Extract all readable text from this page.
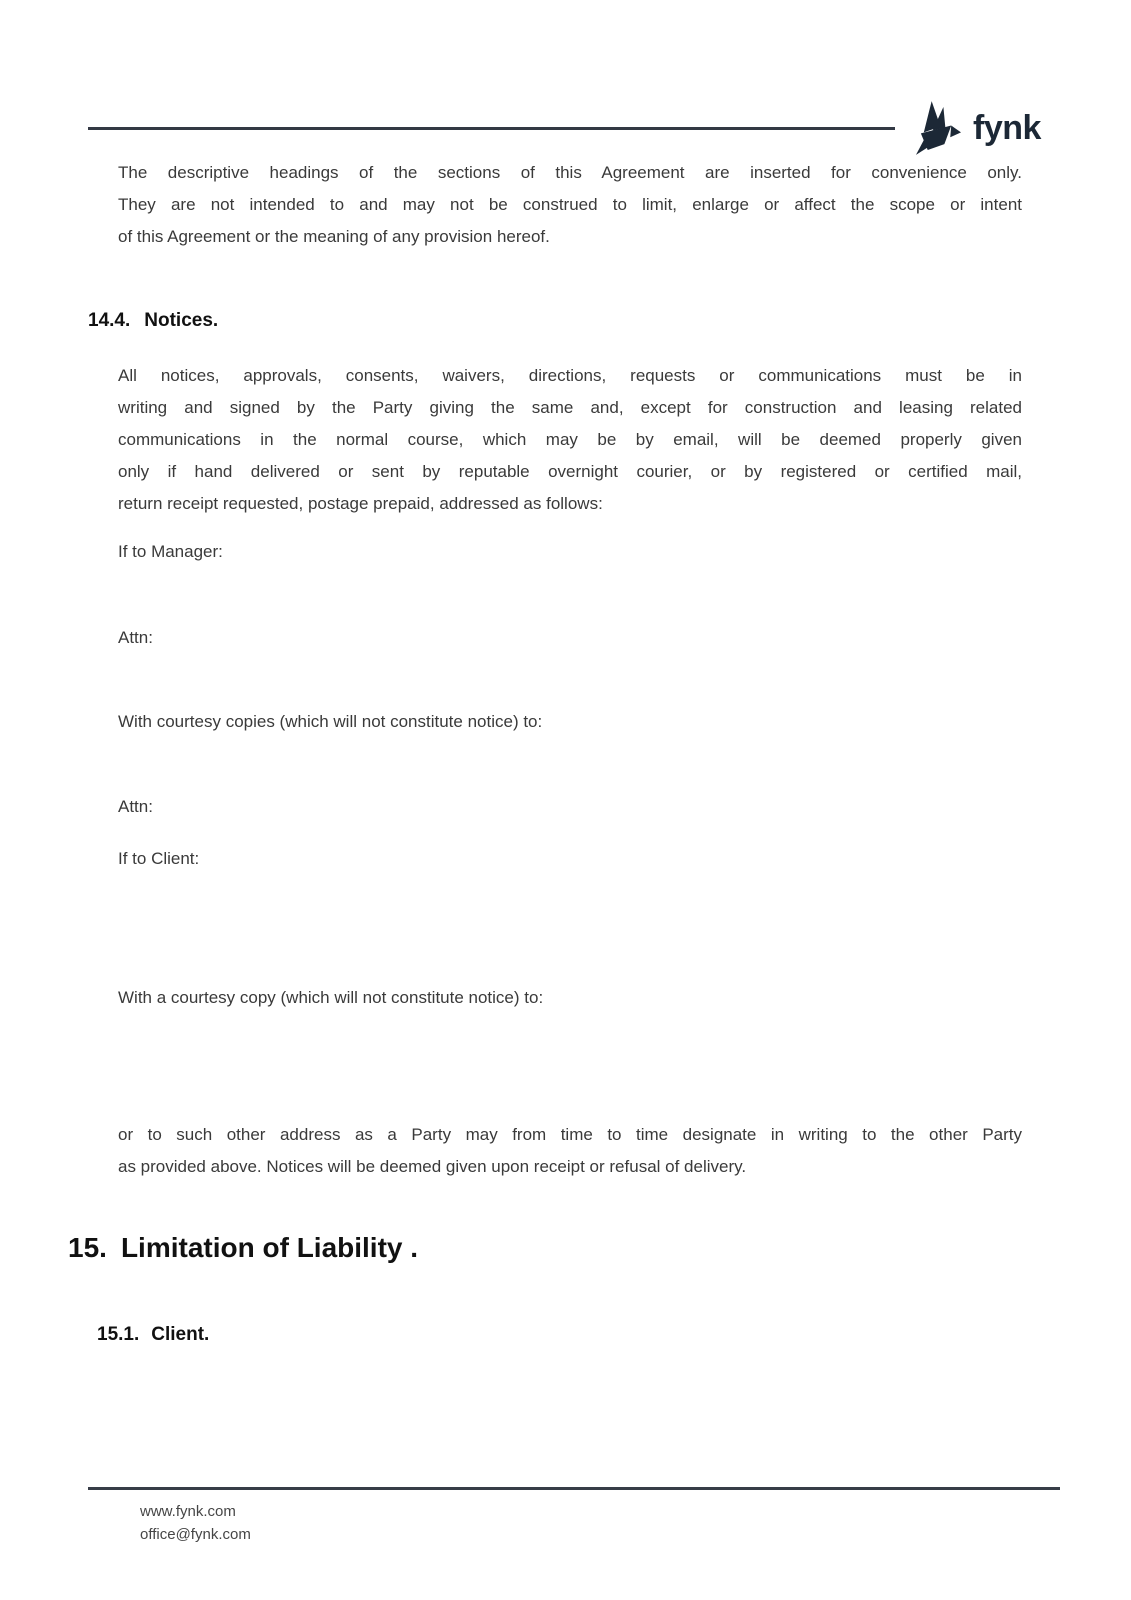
fynk
The descriptive headings of the sections of this Agreement are inserted for convenience only.
They are not intended to and may not be construed to limit, enlarge or affect the scope or intent
of this Agreement or the meaning of any provision hereof.
14.4. Notices.
All notices, approvals, consents, waivers, directions, requests or communications must be in
writing and signed by the Party giving the same and, except for construction and leasing related
communications in the normal course, which may be by email, will be deemed properly given
only if hand delivered or sent by reputable overnight courier, or by registered or certified mail,
return receipt requested, postage prepaid, addressed as follows:
If to Manager:
Attn:
With courtesy copies (which will not constitute notice) to:
Attn:
If to Client:
With a courtesy copy (which will not constitute notice) to:
or to such other address as a Party may from time to time designate in writing to the other Party
as provided above. Notices will be deemed given upon receipt or refusal of delivery.
15. Limitation of Liability .
15.1. Client.
www.fynk.com
office@fynk.com
